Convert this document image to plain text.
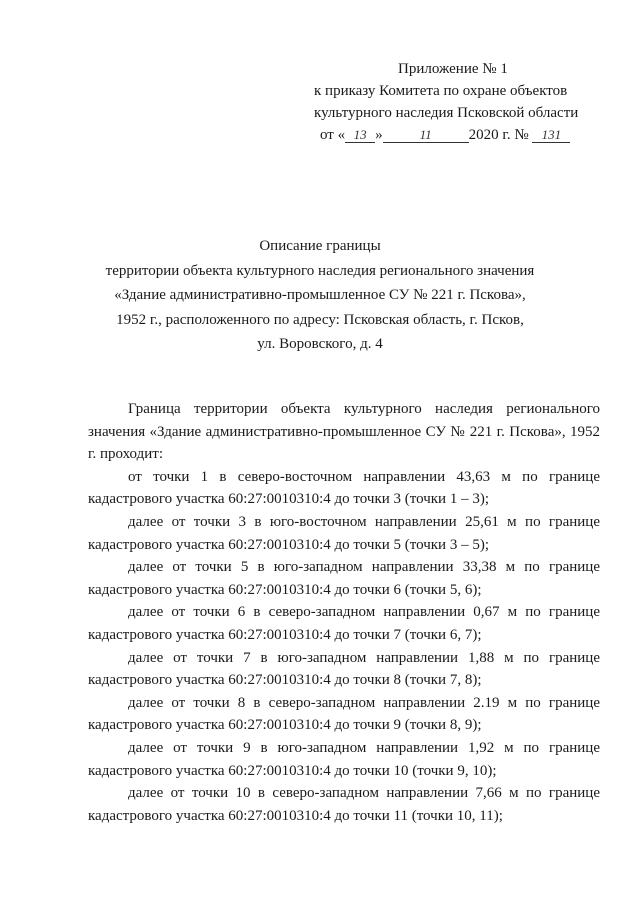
Приложение № 1
к приказу Комитета по охране объектов
культурного наследия Псковской области
от « 13 »	11 2020 г. № 131
Описание границы
территории объекта культурного наследия регионального значения
«Здание административно-промышленное СУ № 221 г. Пскова»,
1952 г., расположенного по адресу: Псковская область, г. Псков,
ул. Воровского, д. 4

Граница территории объекта культурного наследия регионального значения «Здание административно-промышленное СУ № 221 г. Пскова», 1952 г. проходит:

от точки 1 в северо-восточном направлении 43,63 м по границе кадастрового участка 60:27:0010310:4 до точки 3 (точки 1 – 3);

далее от точки 3 в юго-восточном направлении 25,61 м по границе кадастрового участка 60:27:0010310:4 до точки 5 (точки 3 – 5);

далее от точки 5 в юго-западном направлении 33,38 м по границе кадастрового участка 60:27:0010310:4 до точки 6 (точки 5, 6);

далее от точки 6 в северо-западном направлении 0,67 м по границе кадастрового участка 60:27:0010310:4 до точки 7 (точки 6, 7);

далее от точки 7 в юго-западном направлении 1,88 м по границе кадастрового участка 60:27:0010310:4 до точки 8 (точки 7, 8);

далее от точки 8 в северо-западном направлении 2.19 м по границе кадастрового участка 60:27:0010310:4 до точки 9 (точки 8, 9);

далее от точки 9 в юго-западном направлении 1,92 м по границе кадастрового участка 60:27:0010310:4 до точки 10 (точки 9, 10);

далее от точки 10 в северо-западном направлении 7,66 м по границе кадастрового участка 60:27:0010310:4 до точки 11 (точки 10, 11);
